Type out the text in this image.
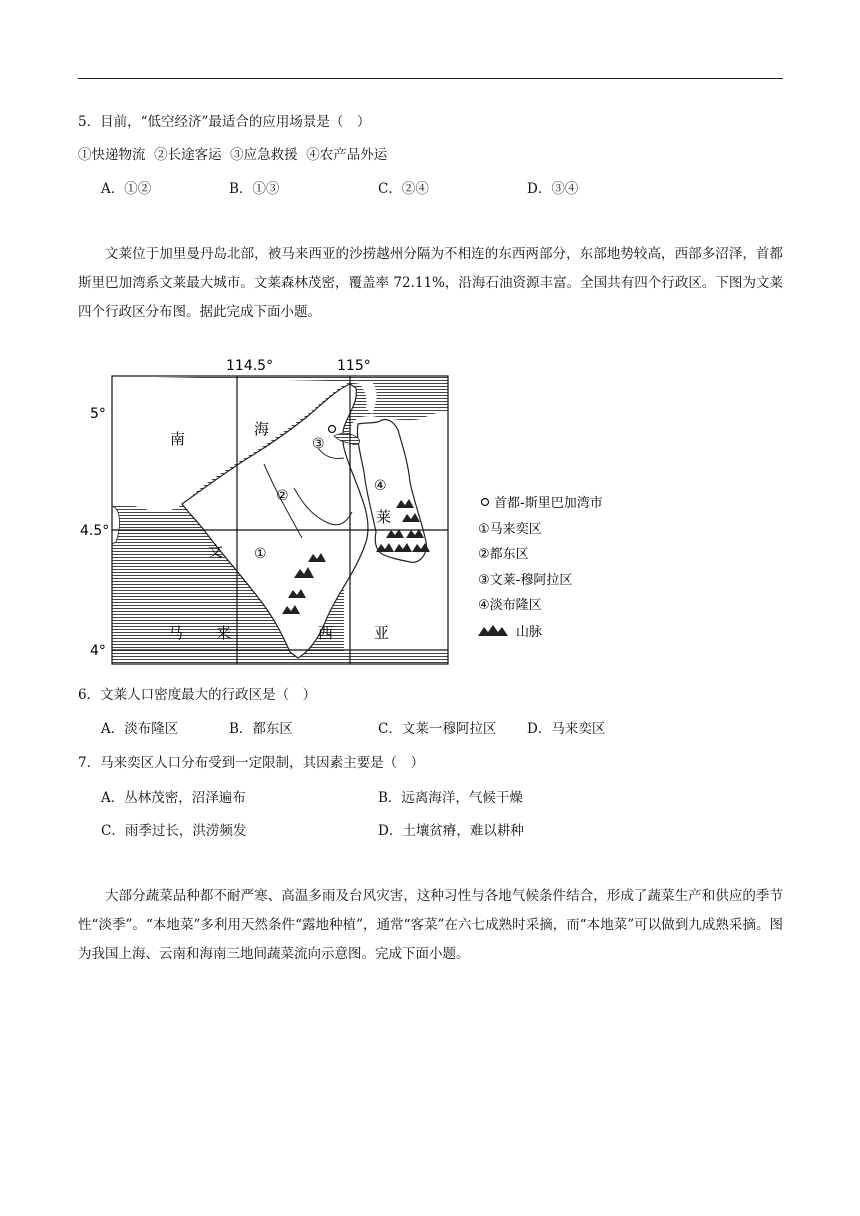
5．目前，“低空经济”最适合的应用场景是（　）
①快递物流  ②长途客运  ③应急救援  ④农产品外运
A．①②	B．①③	C．②④	D．③④
文莱位于加里曼丹岛北部，被马来西亚的沙捞越州分隔为不相连的东西两部分，东部地势较高，西部多沼泽，首都斯里巴加湾系文莱最大城市。文莱森林茂密，覆盖率 72.11%，沿海石油资源丰富。全国共有四个行政区。下图为文莱四个行政区分布图。据此完成下面小题。
114.5°	115°
5°
4.5°
4°
南
海
文
莱
马 来	西	亚
①
②
③
④
首都-斯里巴加湾市
①马来奕区
②都东区
③文莱-穆阿拉区
④淡布隆区
山脉
6．文莱人口密度最大的行政区是（　）
A．淡布隆区	B．都东区	C．文莱一穆阿拉区 D．马来奕区
7．马来奕区人口分布受到一定限制，其因素主要是（　）
A．丛林茂密，沼泽遍布	B．远离海洋，气候干燥
C．雨季过长，洪涝频发	D．土壤贫瘠，难以耕种
大部分蔬菜品种都不耐严寒、高温多雨及台风灾害，这种习性与各地气候条件结合，形成了蔬菜生产和供应的季节性“淡季”。“本地菜”多利用天然条件“露地种植”，通常“客菜”在六七成熟时采摘，而“本地菜”可以做到九成熟采摘。图为我国上海、云南和海南三地间蔬菜流向示意图。完成下面小题。
